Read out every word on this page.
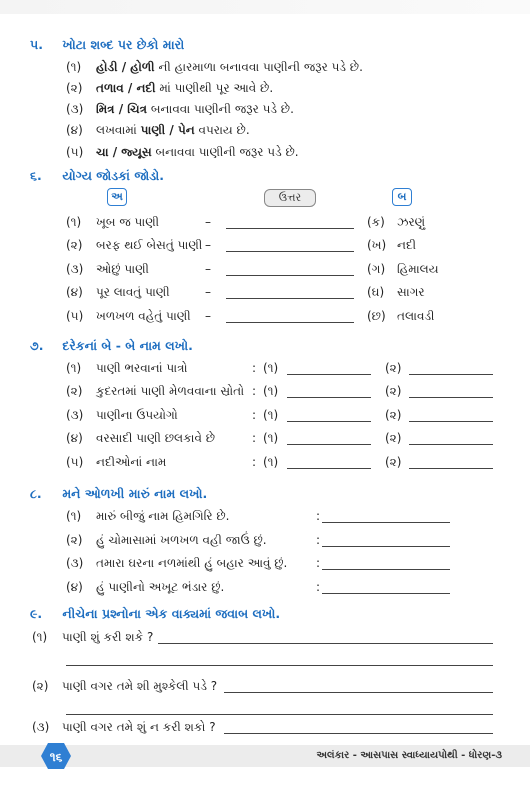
૫. ખોટા શબ્દ પર છેકો મારો
(૧) હોડી / હોળી ની હારમાળા બનાવવા પાણીની જરૂર પડે છે.
(૨) તળાવ / નદી માં પાણીથી પૂર આવે છે.
(૩) મિત્ર / ચિત્ર બનાવવા પાણીની જરૂર પડે છે.
(૪) લખવામાં પાણી / પેન વપરાય છે.
(૫) ચા / જ્યૂસ બનાવવા પાણીની જરૂર પડે છે.
૬. યોગ્ય જોડકાં જોડો.
અ	ઉત્તર	બ
(૧) ખૂબ જ પાણી	–	(ક) ઝરણું
(૨) બરફ થઈ બેસતું પાણી –	(ખ) નદી
(૩) ઓછું પાણી	–	(ગ) હિમાલય
(૪) પૂર લાવતું પાણી	–	(ઘ) સાગર
(૫) ખળખળ વહેતું પાણી –	(છ) તલાવડી
૭. દરેકનાં બે - બે નામ લખો.
(૧) પાણી ભરવાનાં પાત્રો	: (૧)	(૨)
(૨) કુદરતમાં પાણી મેળવવાના સ્રોતો : (૧)	(૨)
(૩) પાણીના ઉપયોગો	: (૧)	(૨)
(૪) વરસાદી પાણી છલકાવે છે	: (૧)	(૨)
(૫) નદીઓનાં નામ	: (૧)	(૨)
૮. મને ઓળખી મારું નામ લખો.
(૧) મારું બીજું નામ હિમગિરિ છે.	:
(૨) હું ચોમાસામાં ખળખળ વહી જાઉં છું.	:
(૩) તમારા ઘરના નળમાંથી હું બહાર આવું છું. :
(૪) હું પાણીનો અખૂટ ભંડાર છું.	:
૯. નીચેના પ્રશ્નોના એક વાક્યમાં જવાબ લખો.
(૧) પાણી શું કરી શકે ?
(૨) પાણી વગર તમે શી મુશ્કેલી પડે ?
(૩) પાણી વગર તમે શું ન કરી શકો ?
૧૬	અલંકાર - આસપાસ સ્વાધ્યાયપોથી - ધોરણ-૩
